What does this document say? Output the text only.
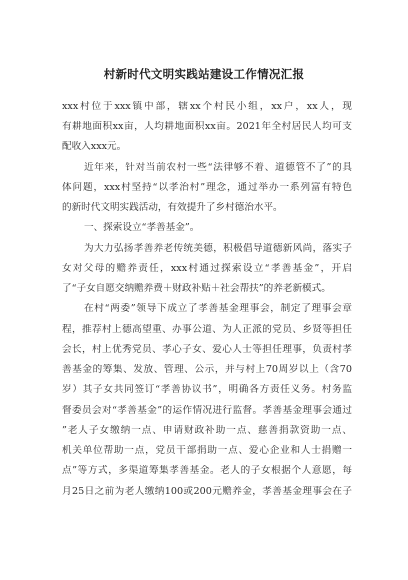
村新时代文明实践站建设工作情况汇报
xxx村位于xxx镇中部，辖xx个村民小组，xx户，xx人，现
有耕地面积xx亩，人均耕地面积xx亩。2021年全村居民人均可支
配收入xxx元。
近年来，针对当前农村一些“法律够不着、道德管不了”的具
体问题，xxx村坚持“以孝治村”理念，通过举办一系列富有特色
的新时代文明实践活动，有效提升了乡村德治水平。
一、探索设立“孝善基金”。
为大力弘扬孝善养老传统美德，积极倡导道德新风尚，落实子
女对父母的赡养责任，xxx村通过探索设立“孝善基金”，开启
了“子女自愿交纳赡养费＋财政补贴＋社会帮扶”的养老新模式。
在村“两委”领导下成立了孝善基金理事会，制定了理事会章
程，推荐村上德高望重、办事公道、为人正派的党员、乡贤等担任
会长，村上优秀党员、孝心子女、爱心人士等担任理事，负责村孝
善基金的筹集、发放、管理、公示，并与村上70周岁以上（含70
岁）其子女共同签订“孝善协议书”，明确各方责任义务。村务监
督委员会对“孝善基金”的运作情况进行监督。孝善基金理事会通过
”老人子女缴纳一点、申请财政补助一点、慈善捐款资助一点、
机关单位帮助一点，党员干部捐助一点、爱心企业和人士捐赠一
点”等方式，多渠道筹集孝善基金。老人的子女根据个人意愿，每
月25日之前为老人缴纳100或200元赡养金，孝善基金理事会在子
